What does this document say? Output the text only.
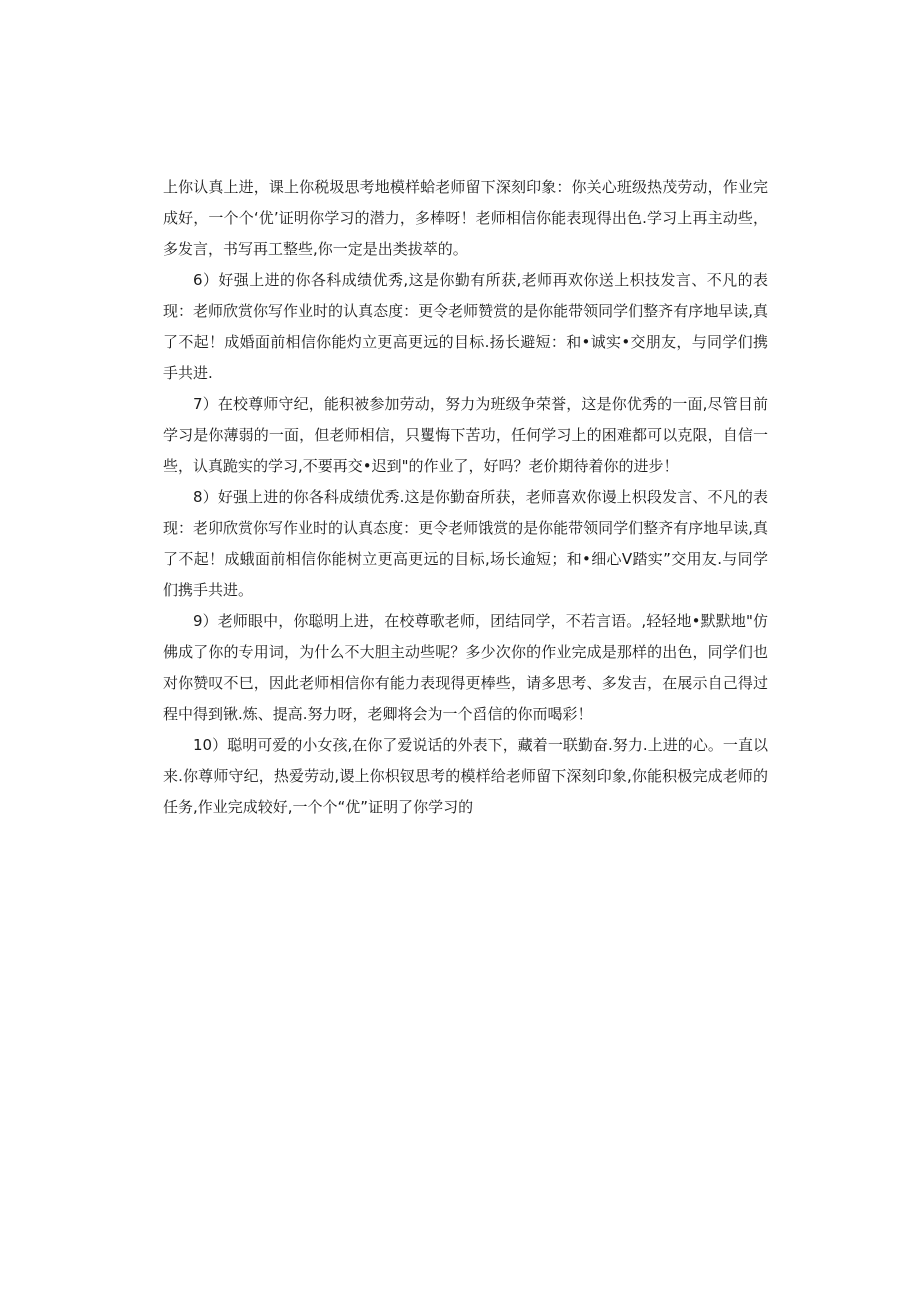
上你认真上进，课上你税圾思考地模样蛤老师留下深刻印象：你关心班级热茂劳动，作业完成好，一个个‘优’证明你学习的潜力，多棒呀！老师相信你能表现得出色.学习上再主动些，多发言，书写再工整些,你一定是出类拔萃的。

6）好强上进的你各科成绩优秀,这是你勤有所获,老师再欢你送上枳技发言、不凡的表现：老师欣赏你写作业时的认真态度：更令老师赞赏的是你能带领同学们整齐有序地早读,真了不起！成婚面前相信你能灼立更高更远的目标.扬长避短：和•诚实•交朋友，与同学们携手共进.

7）在校尊师守纪，能积被参加劳动，努力为班级争荣誉，这是你优秀的一面,尽管目前学习是你薄弱的一面，但老师相信，只矍悔下苦功，任何学习上的困难都可以克限，自信一些，认真跪实的学习,不要再交•迟到"的作业了，好吗？老价期待着你的进步！

8）好强上进的你各科成绩优秀.这是你勤奋所获，老师喜欢你谩上枳段发言、不凡的表现：老卯欣赏你写作业时的认真态度：更令老师饿赏的是你能带领同学们整齐有序地早读,真了不起！成蛾面前相信你能树立更高更远的目标,场长逾短；和•细心V踏实”交用友.与同学们携手共进。

9）老师眼中，你聪明上进，在校尊歌老师，团结同学，不若言语。,轻轻地•默默地"仿佛成了你的专用词，为什么不大胆主动些呢？多少次你的作业完成是那样的出色，同学们也对你赞叹不巳，因此老师相信你有能力表现得更棒些，请多思考、多发吉，在展示自己得过程中得到锹.炼、提高.努力呀，老卿将会为一个舀信的你而喝彩！

10）聪明可爱的小女孩,在你了爱说话的外表下，藏着一联勤奋.努力.上进的心。一直以来.你尊师守纪，热爱劳动,谡上你枳钗思考的模样给老师留下深刻印象,你能积极完成老师的任务,作业完成较好,一个个“优”证明了你学习的
